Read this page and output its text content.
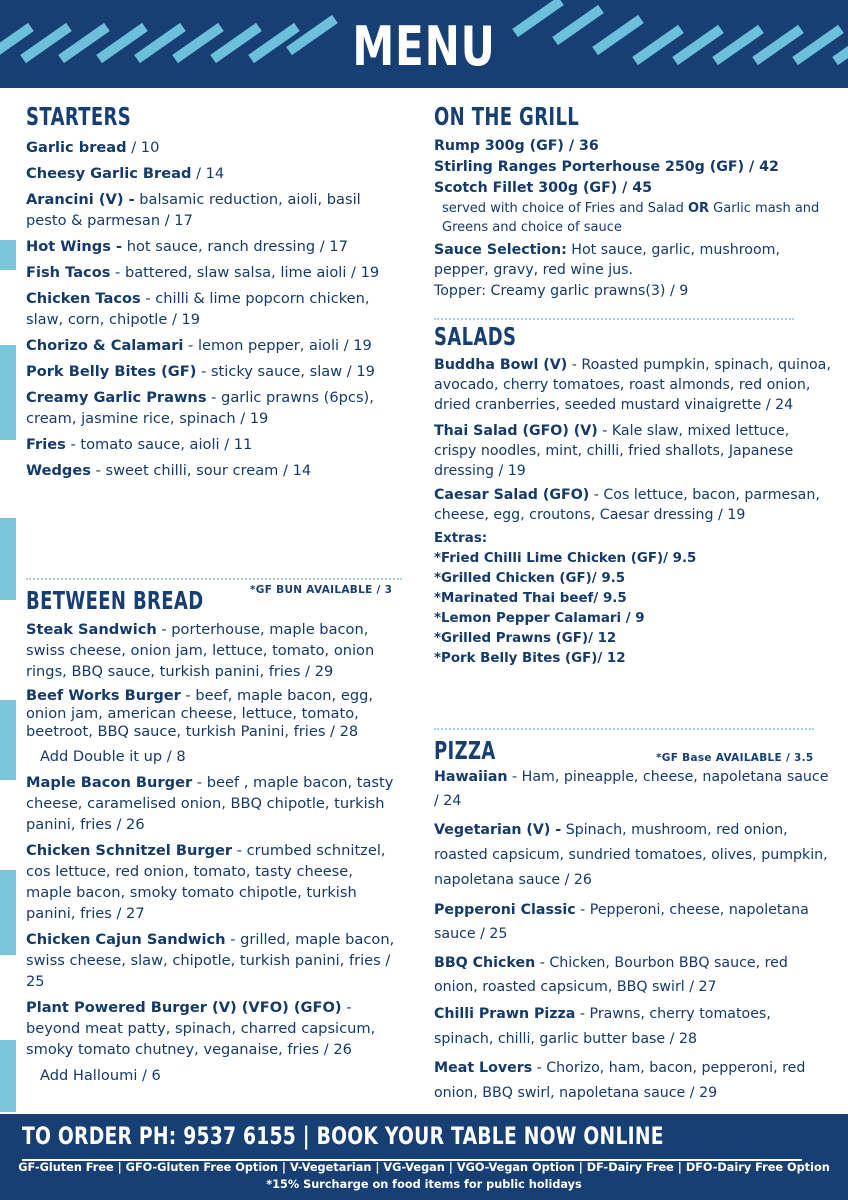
MENU
STARTERS
Garlic bread / 10
Cheesy Garlic Bread / 14
Arancini (V) - balsamic reduction, aioli, basil pesto & parmesan / 17
Hot Wings - hot sauce, ranch dressing / 17
Fish Tacos - battered, slaw salsa, lime aioli / 19
Chicken Tacos - chilli & lime popcorn chicken, slaw, corn, chipotle / 19
Chorizo & Calamari - lemon pepper, aioli / 19
Pork Belly Bites (GF) - sticky sauce, slaw / 19
Creamy Garlic Prawns - garlic prawns (6pcs), cream, jasmine rice, spinach / 19
Fries - tomato sauce, aioli / 11
Wedges - sweet chilli, sour cream / 14
*GF BUN AVAILABLE / 3
BETWEEN BREAD
Steak Sandwich - porterhouse, maple bacon, swiss cheese, onion jam, lettuce, tomato, onion rings, BBQ sauce, turkish panini, fries / 29
Beef Works Burger - beef, maple bacon, egg, onion jam, american cheese, lettuce, tomato, beetroot, BBQ sauce, turkish Panini, fries / 28
Add Double it up / 8
Maple Bacon Burger - beef , maple bacon, tasty cheese, caramelised onion, BBQ chipotle, turkish panini, fries / 26
Chicken Schnitzel Burger - crumbed schnitzel, cos lettuce, red onion, tomato, tasty cheese, maple bacon, smoky tomato chipotle, turkish panini, fries / 27
Chicken Cajun Sandwich - grilled, maple bacon, swiss cheese, slaw, chipotle, turkish panini, fries / 25
Plant Powered Burger (V) (VFO) (GFO) - beyond meat patty, spinach, charred capsicum, smoky tomato chutney, veganaise, fries / 26
Add Halloumi / 6
ON THE GRILL
Rump 300g (GF) / 36
Stirling Ranges Porterhouse 250g (GF) / 42
Scotch Fillet 300g (GF) / 45
served with choice of Fries and Salad OR Garlic mash and Greens and choice of sauce
Sauce Selection: Hot sauce, garlic, mushroom, pepper, gravy, red wine jus.
Topper: Creamy garlic prawns(3) / 9
SALADS
Buddha Bowl (V) - Roasted pumpkin, spinach, quinoa, avocado, cherry tomatoes, roast almonds, red onion, dried cranberries, seeded mustard vinaigrette / 24
Thai Salad (GFO) (V) - Kale slaw, mixed lettuce, crispy noodles, mint, chilli, fried shallots, Japanese dressing / 19
Caesar Salad (GFO) - Cos lettuce, bacon, parmesan, cheese, egg, croutons, Caesar dressing / 19
Extras:
*Fried Chilli Lime Chicken (GF)/ 9.5
*Grilled Chicken (GF)/ 9.5
*Marinated Thai beef/ 9.5
*Lemon Pepper Calamari / 9
*Grilled Prawns (GF)/ 12
*Pork Belly Bites (GF)/ 12
*GF Base AVAILABLE / 3.5
PIZZA
Hawaiian - Ham, pineapple, cheese, napoletana sauce / 24
Vegetarian (V) - Spinach, mushroom, red onion, roasted capsicum, sundried tomatoes, olives, pumpkin, napoletana sauce / 26
Pepperoni Classic - Pepperoni, cheese, napoletana sauce / 25
BBQ Chicken - Chicken, Bourbon BBQ sauce, red onion, roasted capsicum, BBQ swirl / 27
Chilli Prawn Pizza - Prawns, cherry tomatoes, spinach, chilli, garlic butter base / 28
Meat Lovers - Chorizo, ham, bacon, pepperoni, red onion, BBQ swirl, napoletana sauce / 29
TO ORDER PH: 9537 6155 | BOOK YOUR TABLE NOW ONLINE
GF-Gluten Free | GFO-Gluten Free Option | V-Vegetarian | VG-Vegan | VGO-Vegan Option | DF-Dairy Free | DFO-Dairy Free Option
*15% Surcharge on food items for public holidays
